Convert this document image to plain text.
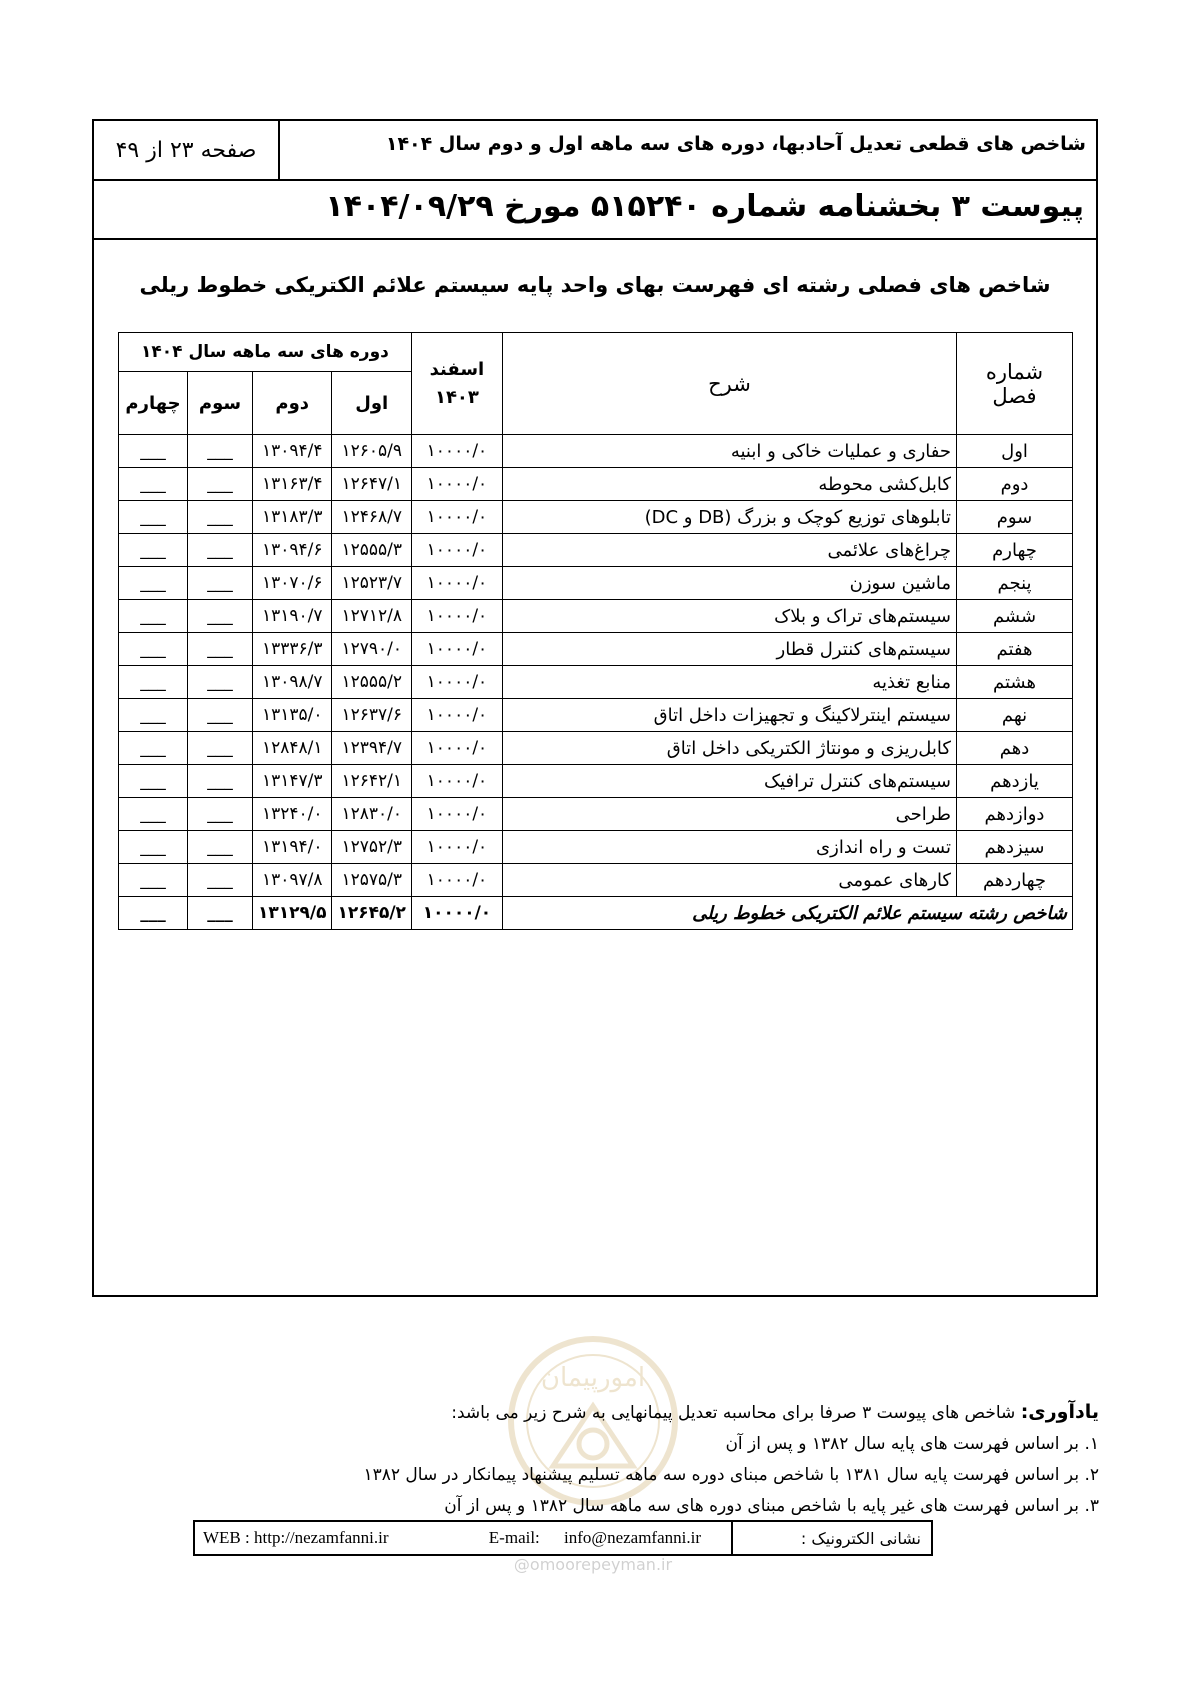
صفحه ۲۳ از ۴۹	شاخص های قطعی تعدیل آحادبها، دوره های سه ماهه اول و دوم سال ۱۴۰۴
پیوست ۳ بخشنامه شماره ۵۱۵۲۴۰ مورخ ۱۴۰۴/۰۹/۲۹
شاخص های فصلی رشته ای فهرست بهای واحد پایه سیستم علائم الکتریکی خطوط ریلی
شماره فصل	شرح	اسفند
۱۴۰۳	دوره های سه ماهه سال ۱۴۰۴			
			اول	دوم	سوم	چهارم
اول	حفاری و عملیات خاکی و ابنیه	۱۰۰۰۰/۰	۱۲۶۰۵/۹	۱۳۰۹۴/۴	___	___
دوم	کابل‌کشی محوطه	۱۰۰۰۰/۰	۱۲۶۴۷/۱	۱۳۱۶۳/۴	___	___
سوم	تابلوهای توزیع کوچک و بزرگ (DB و DC)	۱۰۰۰۰/۰	۱۲۴۶۸/۷	۱۳۱۸۳/۳	___	___
چهارم	چراغ‌های علائمی	۱۰۰۰۰/۰	۱۲۵۵۵/۳	۱۳۰۹۴/۶	___	___
پنجم	ماشین سوزن	۱۰۰۰۰/۰	۱۲۵۲۳/۷	۱۳۰۷۰/۶	___	___
ششم	سیستم‌های تراک و بلاک	۱۰۰۰۰/۰	۱۲۷۱۲/۸	۱۳۱۹۰/۷	___	___
هفتم	سیستم‌های کنترل قطار	۱۰۰۰۰/۰	۱۲۷۹۰/۰	۱۳۳۳۶/۳	___	___
هشتم	منابع تغذیه	۱۰۰۰۰/۰	۱۲۵۵۵/۲	۱۳۰۹۸/۷	___	___
نهم	سیستم اینترلاکینگ و تجهیزات داخل اتاق	۱۰۰۰۰/۰	۱۲۶۳۷/۶	۱۳۱۳۵/۰	___	___
دهم	کابل‌ریزی و مونتاژ الکتریکی داخل اتاق	۱۰۰۰۰/۰	۱۲۳۹۴/۷	۱۲۸۴۸/۱	___	___
یازدهم	سیستم‌های کنترل ترافیک	۱۰۰۰۰/۰	۱۲۶۴۲/۱	۱۳۱۴۷/۳	___	___
دوازدهم	طراحی	۱۰۰۰۰/۰	۱۲۸۳۰/۰	۱۳۲۴۰/۰	___	___
سیزدهم	تست و راه اندازی	۱۰۰۰۰/۰	۱۲۷۵۲/۳	۱۳۱۹۴/۰	___	___
چهاردهم	کارهای عمومی	۱۰۰۰۰/۰	۱۲۵۷۵/۳	۱۳۰۹۷/۸	___	___
شاخص رشته سیستم علائم الکتریکی خطوط ریلی		۱۰۰۰۰/۰	۱۲۶۴۵/۲	۱۳۱۲۹/۵	___	___
امورپیمان
@omoorepeyman.ir
یادآوری: شاخص های پیوست ۳ صرفا برای محاسبه تعدیل پیمانهایی به شرح زیر می باشد:
۱. بر اساس فهرست های پایه سال ۱۳۸۲ و پس از آن
۲. بر اساس فهرست پایه سال ۱۳۸۱ با شاخص مبنای دوره سه ماهه تسلیم پیشنهاد پیمانکار در سال ۱۳۸۲
۳. بر اساس فهرست های غیر پایه با شاخص مبنای دوره های سه ماهه سال ۱۳۸۲ و پس از آن
WEB : http://nezamfanni.ir	E-mail: info@nezamfanni.ir	نشانی الکترونیک :
